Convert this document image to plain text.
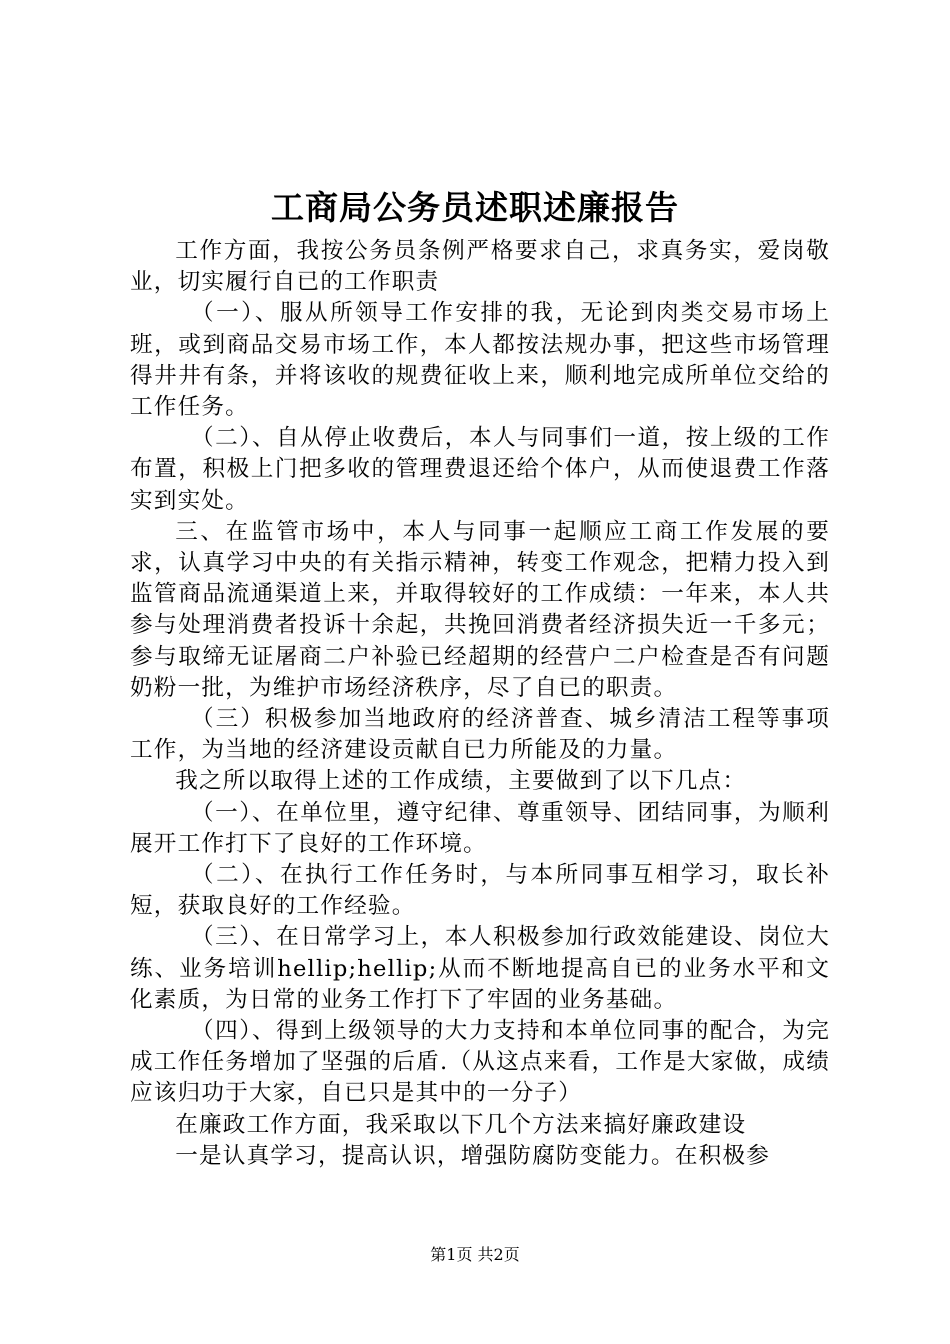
工商局公务员述职述廉报告

工作方面，我按公务员条例严格要求自己，求真务实，爱岗敬业，切实履行自已的工作职责

（一）、服从所领导工作安排的我，无论到肉类交易市场上班，或到商品交易市场工作，本人都按法规办事，把这些市场管理得井井有条，并将该收的规费征收上来，顺利地完成所单位交给的工作任务。

（二）、自从停止收费后，本人与同事们一道，按上级的工作布置，积极上门把多收的管理费退还给个体户，从而使退费工作落实到实处。

三、在监管市场中，本人与同事一起顺应工商工作发展的要求，认真学习中央的有关指示精神，转变工作观念，把精力投入到监管商品流通渠道上来，并取得较好的工作成绩：一年来，本人共参与处理消费者投诉十余起，共挽回消费者经济损失近一千多元；参与取缔无证屠商二户补验已经超期的经营户二户检查是否有问题奶粉一批，为维护市场经济秩序，尽了自已的职责。

（三）积极参加当地政府的经济普查、城乡清洁工程等事项工作，为当地的经济建设贡献自已力所能及的力量。

我之所以取得上述的工作成绩，主要做到了以下几点：

（一）、在单位里，遵守纪律、尊重领导、团结同事，为顺利展开工作打下了良好的工作环境。

（二）、在执行工作任务时，与本所同事互相学习，取长补短，获取良好的工作经验。

（三）、在日常学习上，本人积极参加行政效能建设、岗位大练、业务培训hellip;hellip;从而不断地提高自已的业务水平和文化素质，为日常的业务工作打下了牢固的业务基础。

（四）、得到上级领导的大力支持和本单位同事的配合，为完成工作任务增加了坚强的后盾.（从这点来看，工作是大家做，成绩应该归功于大家，自已只是其中的一分子）

在廉政工作方面，我采取以下几个方法来搞好廉政建设

一是认真学习，提高认识，增强防腐防变能力。在积极参

第1页 共2页
